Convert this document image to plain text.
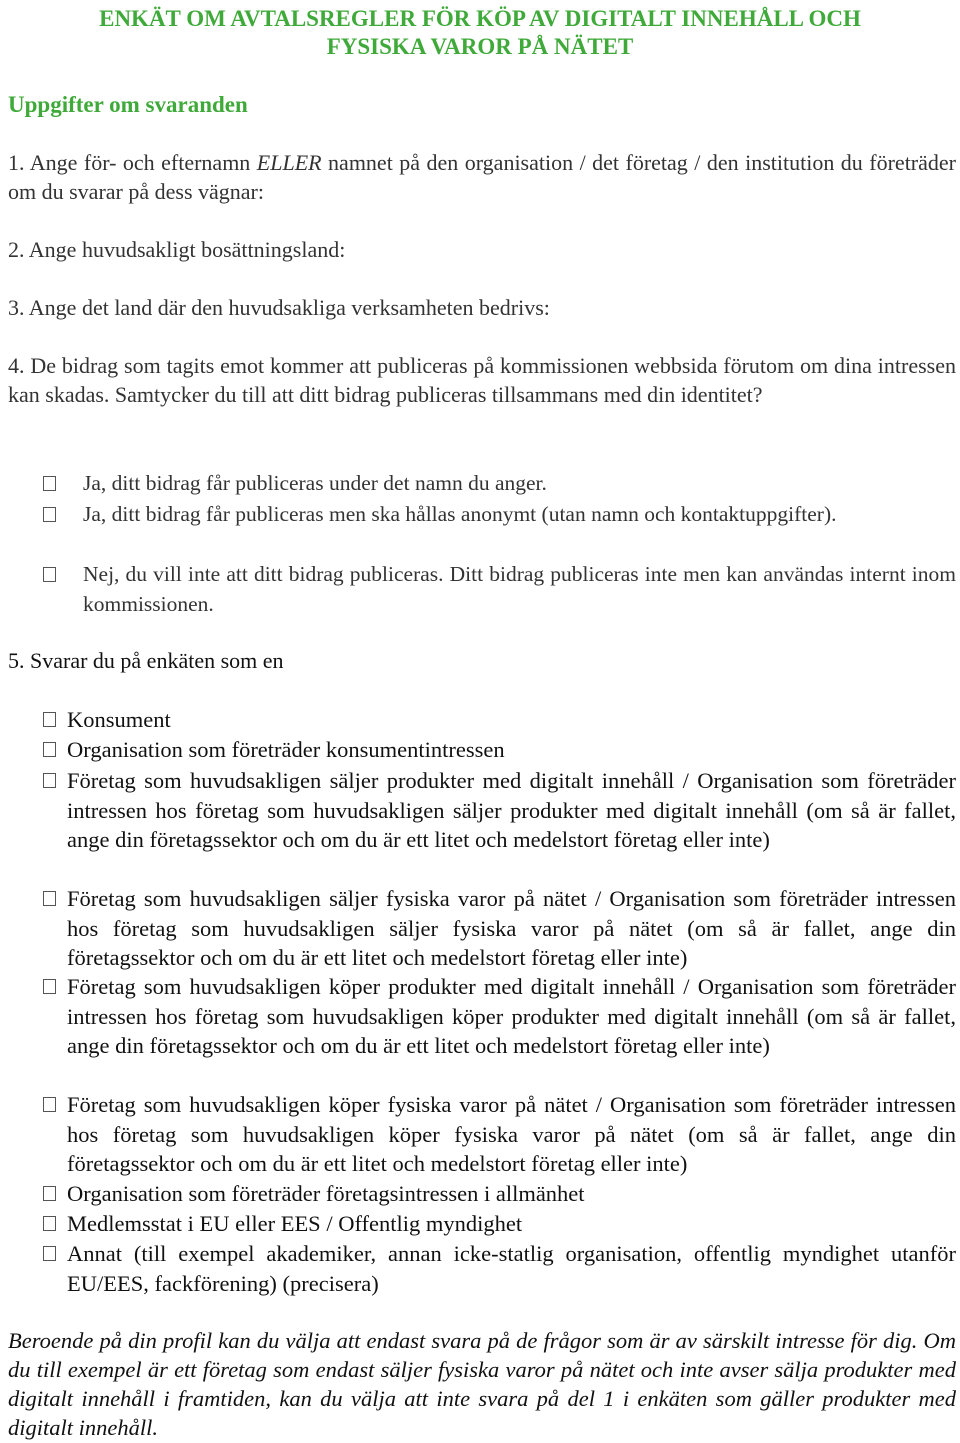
ENKÄT OM AVTALSREGLER FÖR KÖP AV DIGITALT INNEHÅLL OCH
FYSISKA VAROR PÅ NÄTET
Uppgifter om svaranden

1. Ange för- och efternamn ELLER namnet på den organisation / det företag / den institution du företräder om du svarar på dess vägnar:

2. Ange huvudsakligt bosättningsland:

3. Ange det land där den huvudsakliga verksamheten bedrivs:

4. De bidrag som tagits emot kommer att publiceras på kommissionen webbsida förutom om dina intressen kan skadas. Samtycker du till att ditt bidrag publiceras tillsammans med din identitet?

Ja, ditt bidrag får publiceras under det namn du anger.
Ja, ditt bidrag får publiceras men ska hållas anonymt (utan namn och kontaktuppgifter).
Nej, du vill inte att ditt bidrag publiceras. Ditt bidrag publiceras inte men kan användas internt inom kommissionen.

5. Svarar du på enkäten som en

Konsument
Organisation som företräder konsumentintressen
Företag som huvudsakligen säljer produkter med digitalt innehåll / Organisation som företräder intressen hos företag som huvudsakligen säljer produkter med digitalt innehåll (om så är fallet, ange din företagssektor och om du är ett litet och medelstort företag eller inte)
Företag som huvudsakligen säljer fysiska varor på nätet / Organisation som företräder intressen hos företag som huvudsakligen säljer fysiska varor på nätet (om så är fallet, ange din företagssektor och om du är ett litet och medelstort företag eller inte)
Företag som huvudsakligen köper produkter med digitalt innehåll / Organisation som företräder intressen hos företag som huvudsakligen köper produkter med digitalt innehåll (om så är fallet, ange din företagssektor och om du är ett litet och medelstort företag eller inte)
Företag som huvudsakligen köper fysiska varor på nätet / Organisation som företräder intressen hos företag som huvudsakligen köper fysiska varor på nätet (om så är fallet, ange din företagssektor och om du är ett litet och medelstort företag eller inte)
Organisation som företräder företagsintressen i allmänhet
Medlemsstat i EU eller EES / Offentlig myndighet
Annat (till exempel akademiker, annan icke-statlig organisation, offentlig myndighet utanför EU/EES, fackförening) (precisera)

Beroende på din profil kan du välja att endast svara på de frågor som är av särskilt intresse för dig. Om du till exempel är ett företag som endast säljer fysiska varor på nätet och inte avser sälja produkter med digitalt innehåll i framtiden, kan du välja att inte svara på del 1 i enkäten som gäller produkter med digitalt innehåll.
